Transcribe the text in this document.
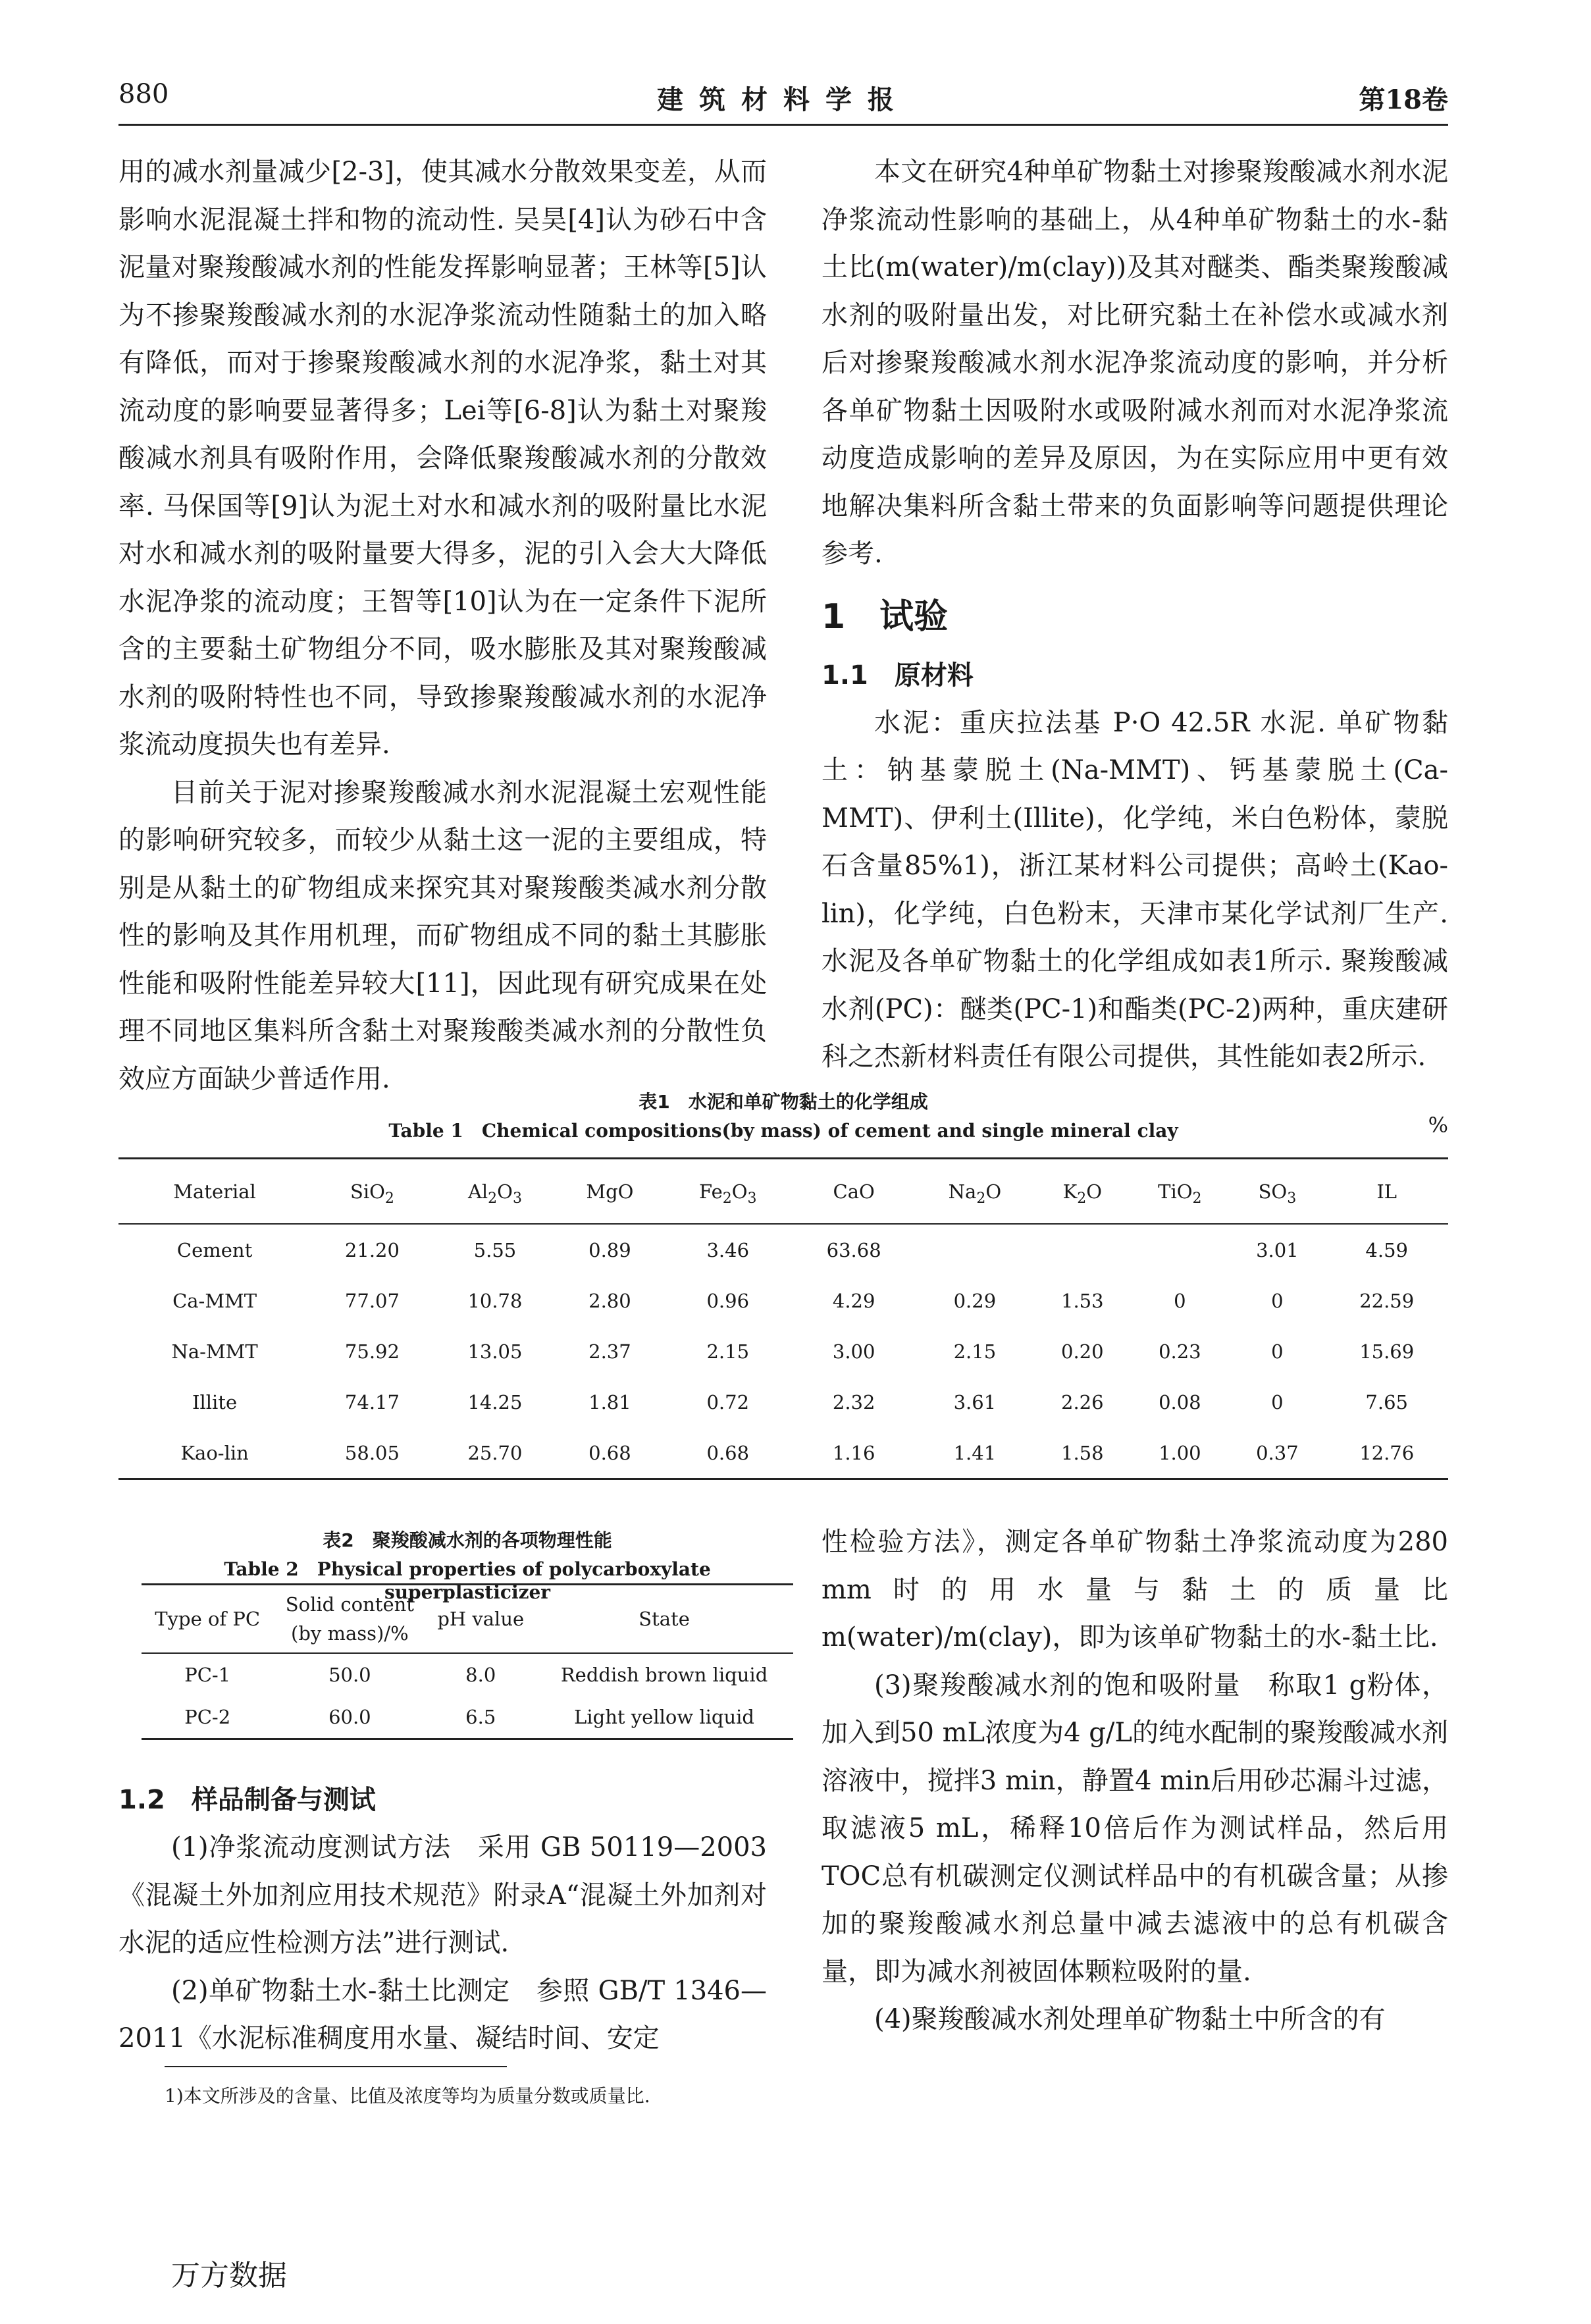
880	建筑材料学报	第18卷

用的减水剂量减少[2-3]，使其减水分散效果变差，从而影响水泥混凝土拌和物的流动性. 吴昊[4]认为砂石中含泥量对聚羧酸减水剂的性能发挥影响显著；王林等[5]认为不掺聚羧酸减水剂的水泥净浆流动性随黏土的加入略有降低，而对于掺聚羧酸减水剂的水泥净浆，黏土对其流动度的影响要显著得多；Lei等[6-8]认为黏土对聚羧酸减水剂具有吸附作用，会降低聚羧酸减水剂的分散效率. 马保国等[9]认为泥土对水和减水剂的吸附量比水泥对水和减水剂的吸附量要大得多，泥的引入会大大降低水泥净浆的流动度；王智等[10]认为在一定条件下泥所含的主要黏土矿物组分不同，吸水膨胀及其对聚羧酸减水剂的吸附特性也不同，导致掺聚羧酸减水剂的水泥净浆流动度损失也有差异.

目前关于泥对掺聚羧酸减水剂水泥混凝土宏观性能的影响研究较多，而较少从黏土这一泥的主要组成，特别是从黏土的矿物组成来探究其对聚羧酸类减水剂分散性的影响及其作用机理，而矿物组成不同的黏土其膨胀性能和吸附性能差异较大[11]，因此现有研究成果在处理不同地区集料所含黏土对聚羧酸类减水剂的分散性负效应方面缺少普适作用.

本文在研究4种单矿物黏土对掺聚羧酸减水剂水泥净浆流动性影响的基础上，从4种单矿物黏土的水-黏土比(m(water)/m(clay))及其对醚类、酯类聚羧酸减水剂的吸附量出发，对比研究黏土在补偿水或减水剂后对掺聚羧酸减水剂水泥净浆流动度的影响，并分析各单矿物黏土因吸附水或吸附减水剂而对水泥净浆流动度造成影响的差异及原因，为在实际应用中更有效地解决集料所含黏土带来的负面影响等问题提供理论参考.

1　试验
1.1　原材料

水泥：重庆拉法基 P·O 42.5R 水泥. 单矿物黏土：钠基蒙脱土(Na-MMT)、钙基蒙脱土(Ca-MMT)、伊利土(Illite)，化学纯，米白色粉体，蒙脱石含量85%1)，浙江某材料公司提供；高岭土(Kao-lin)，化学纯，白色粉末，天津市某化学试剂厂生产. 水泥及各单矿物黏土的化学组成如表1所示. 聚羧酸减水剂(PC)：醚类(PC-1)和酯类(PC-2)两种，重庆建研科之杰新材料责任有限公司提供，其性能如表2所示.

表1　水泥和单矿物黏土的化学组成
Table 1　Chemical compositions(by mass) of cement and single mineral clay	%
Material	SiO$_2$	$Al_2O_3$	MgO	$Fe_2O_3$	CaO	$Na_2O$	$K_2O$	TiO$_2$	$SO_3$	IL
Cement	21.20	5.55	0.89	3.46	63.68				3.01	4.59
Ca-MMT	77.07	10.78	2.80	0.96	4.29	0.29	1.53	0	0	22.59
Na-MMT	75.92	13.05	2.37	2.15	3.00	2.15	0.20	0.23	0	15.69
Illite	74.17	14.25	1.81	0.72	2.32	3.61	2.26	0.08	0	7.65
Kao-lin	58.05	25.70	0.68	0.68	1.16	1.41	1.58	1.00	0.37	12.76
表2　聚羧酸减水剂的各项物理性能
Table 2　Physical properties of polycarboxylate superplasticizer
Type of PC	Solid content (by mass)/%	pH value	State
PC-1	50.0	8.0	Reddish brown liquid
PC-2	60.0	6.5	Light yellow liquid
1.2　样品制备与测试

(1)净浆流动度测试方法　采用 GB 50119—2003《混凝土外加剂应用技术规范》附录A“混凝土外加剂对水泥的适应性检测方法”进行测试.

(2)单矿物黏土水-黏土比测定　参照 GB/T 1346—2011《水泥标准稠度用水量、凝结时间、安定

性检验方法》，测定各单矿物黏土净浆流动度为280 mm时的用水量与黏土的质量比 m(water)/m(clay)，即为该单矿物黏土的水-黏土比.

(3)聚羧酸减水剂的饱和吸附量　称取1 g粉体，加入到50 mL浓度为4 g/L的纯水配制的聚羧酸减水剂溶液中，搅拌3 min，静置4 min后用砂芯漏斗过滤，取滤液5 mL，稀释10倍后作为测试样品，然后用TOC总有机碳测定仪测试样品中的有机碳含量；从掺加的聚羧酸减水剂总量中减去滤液中的总有机碳含量，即为减水剂被固体颗粒吸附的量.

(4)聚羧酸减水剂处理单矿物黏土中所含的有

1)本文所涉及的含量、比值及浓度等均为质量分数或质量比.
万方数据
